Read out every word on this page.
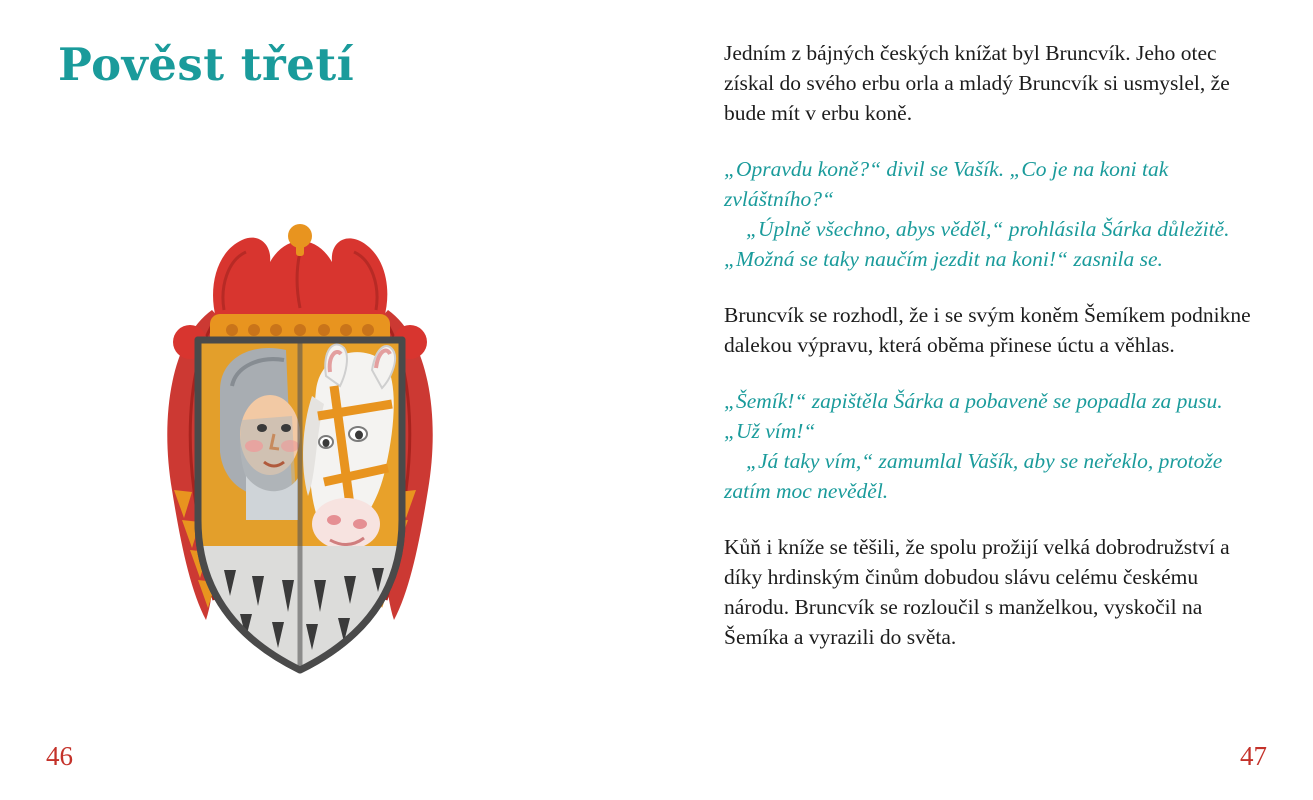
Pověst třetí
46

Jedním z bájných českých knížat byl Bruncvík. Jeho otec získal do svého erbu orla a mladý Bruncvík si usmyslel, že bude mít v erbu koně.

„Opravdu koně?“ divil se Vašík. „Co je na koni tak zvláštního?“
„Úplně všechno, abys věděl,“ prohlásila Šárka důležitě. „Možná se taky naučím jezdit na koni!“ zasnila se.

Bruncvík se rozhodl, že i se svým koněm Šemíkem podnikne dalekou výpravu, která oběma přinese úctu a věhlas.

„Šemík!“ zapištěla Šárka a pobaveně se popadla za pusu. „Už vím!“
„Já taky vím,“ zamumlal Vašík, aby se neřeklo, protože zatím moc nevěděl.

Kůň i kníže se těšili, že spolu prožijí velká dobrodružství a díky hrdinským činům dobudou slávu celému českému národu. Bruncvík se rozloučil s manželkou, vyskočil na Šemíka a vyrazili do světa.

47
